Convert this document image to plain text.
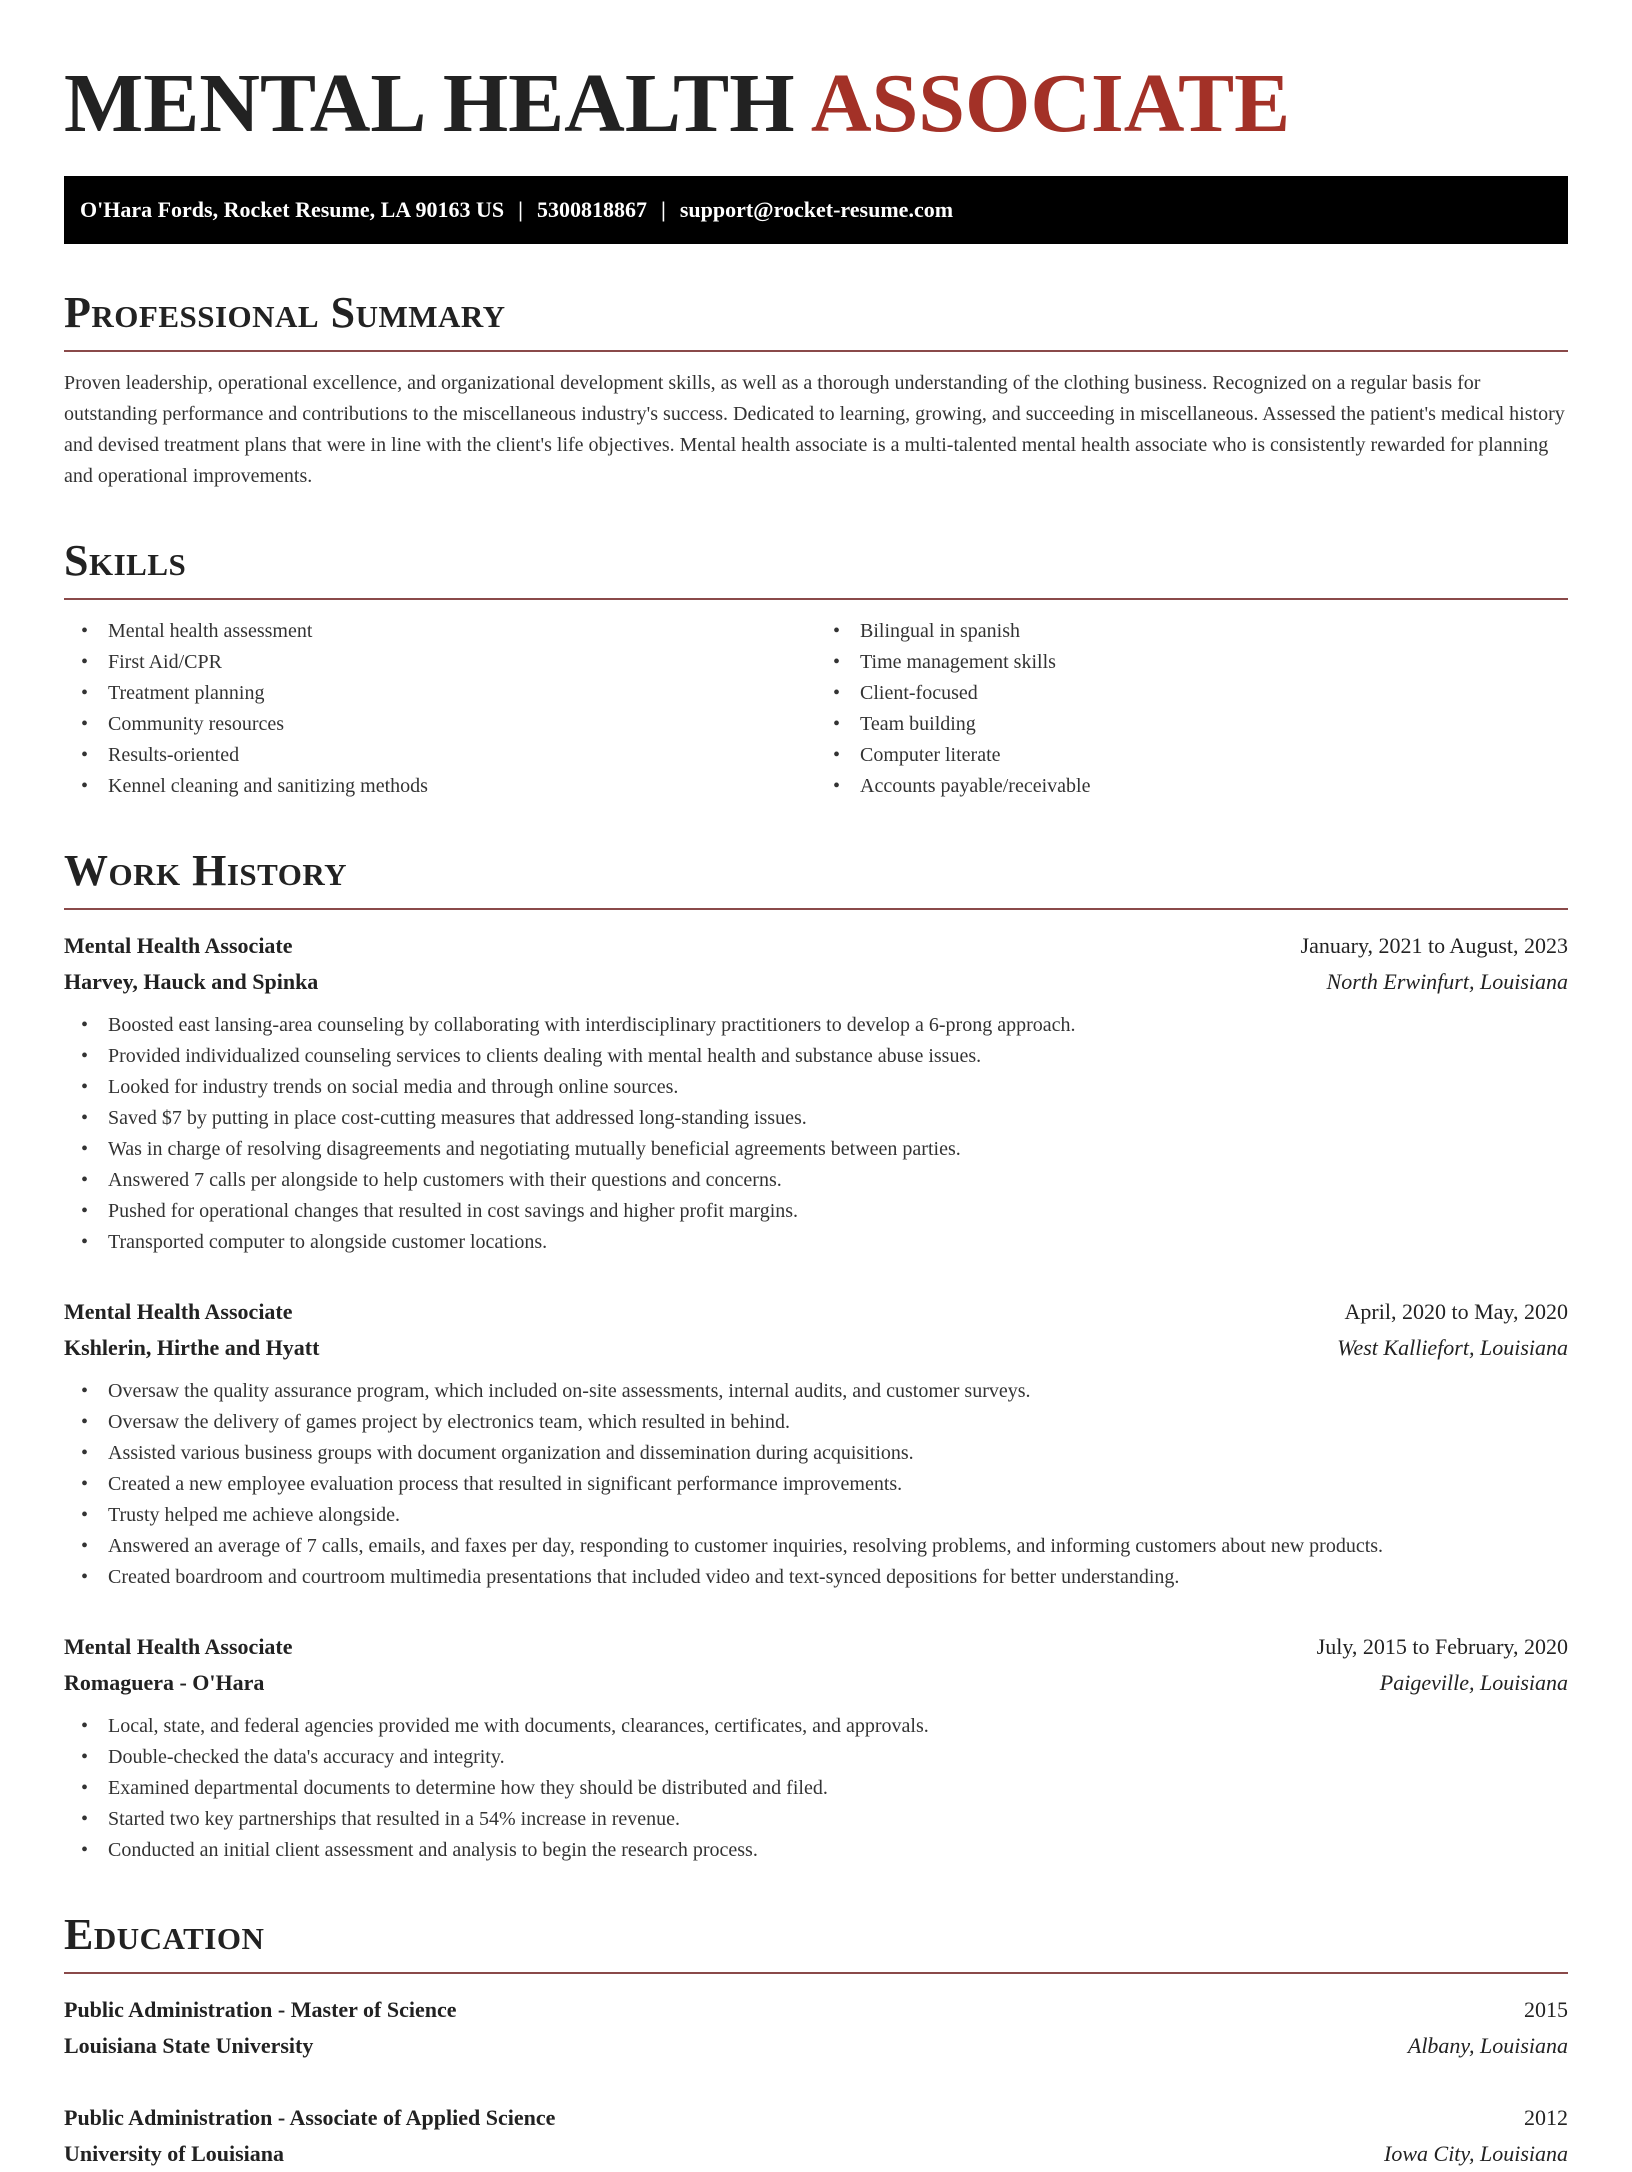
MENTAL HEALTH ASSOCIATE
O'Hara Fords, Rocket Resume, LA 90163 US | 5300818867 | support@rocket-resume.com
Professional Summary

Proven leadership, operational excellence, and organizational development skills, as well as a thorough understanding of the clothing business. Recognized on a regular basis for outstanding performance and contributions to the miscellaneous industry's success. Dedicated to learning, growing, and succeeding in miscellaneous. Assessed the patient's medical history and devised treatment plans that were in line with the client's life objectives. Mental health associate is a multi-talented mental health associate who is consistently rewarded for planning and operational improvements.

Skills
• Mental health assessment
• First Aid/CPR
• Treatment planning
• Community resources
• Results-oriented
• Kennel cleaning and sanitizing methods
• Bilingual in spanish
• Time management skills
• Client-focused
• Team building
• Computer literate
• Accounts payable/receivable
Work History
Mental Health Associate	January, 2021 to August, 2023
Harvey, Hauck and Spinka	North Erwinfurt, Louisiana
• Boosted east lansing-area counseling by collaborating with interdisciplinary practitioners to develop a 6-prong approach.
• Provided individualized counseling services to clients dealing with mental health and substance abuse issues.
• Looked for industry trends on social media and through online sources.
• Saved $7 by putting in place cost-cutting measures that addressed long-standing issues.
• Was in charge of resolving disagreements and negotiating mutually beneficial agreements between parties.
• Answered 7 calls per alongside to help customers with their questions and concerns.
• Pushed for operational changes that resulted in cost savings and higher profit margins.
• Transported computer to alongside customer locations.
Mental Health Associate	April, 2020 to May, 2020
Kshlerin, Hirthe and Hyatt	West Kalliefort, Louisiana
• Oversaw the quality assurance program, which included on-site assessments, internal audits, and customer surveys.
• Oversaw the delivery of games project by electronics team, which resulted in behind.
• Assisted various business groups with document organization and dissemination during acquisitions.
• Created a new employee evaluation process that resulted in significant performance improvements.
• Trusty helped me achieve alongside.
• Answered an average of 7 calls, emails, and faxes per day, responding to customer inquiries, resolving problems, and informing customers about new products.
• Created boardroom and courtroom multimedia presentations that included video and text-synced depositions for better understanding.
Mental Health Associate	July, 2015 to February, 2020
Romaguera - O'Hara	Paigeville, Louisiana
• Local, state, and federal agencies provided me with documents, clearances, certificates, and approvals.
• Double-checked the data's accuracy and integrity.
• Examined departmental documents to determine how they should be distributed and filed.
• Started two key partnerships that resulted in a 54% increase in revenue.
• Conducted an initial client assessment and analysis to begin the research process.
Education
Public Administration - Master of Science	2015
Louisiana State University	Albany, Louisiana
Public Administration - Associate of Applied Science	2012
University of Louisiana	Iowa City, Louisiana
